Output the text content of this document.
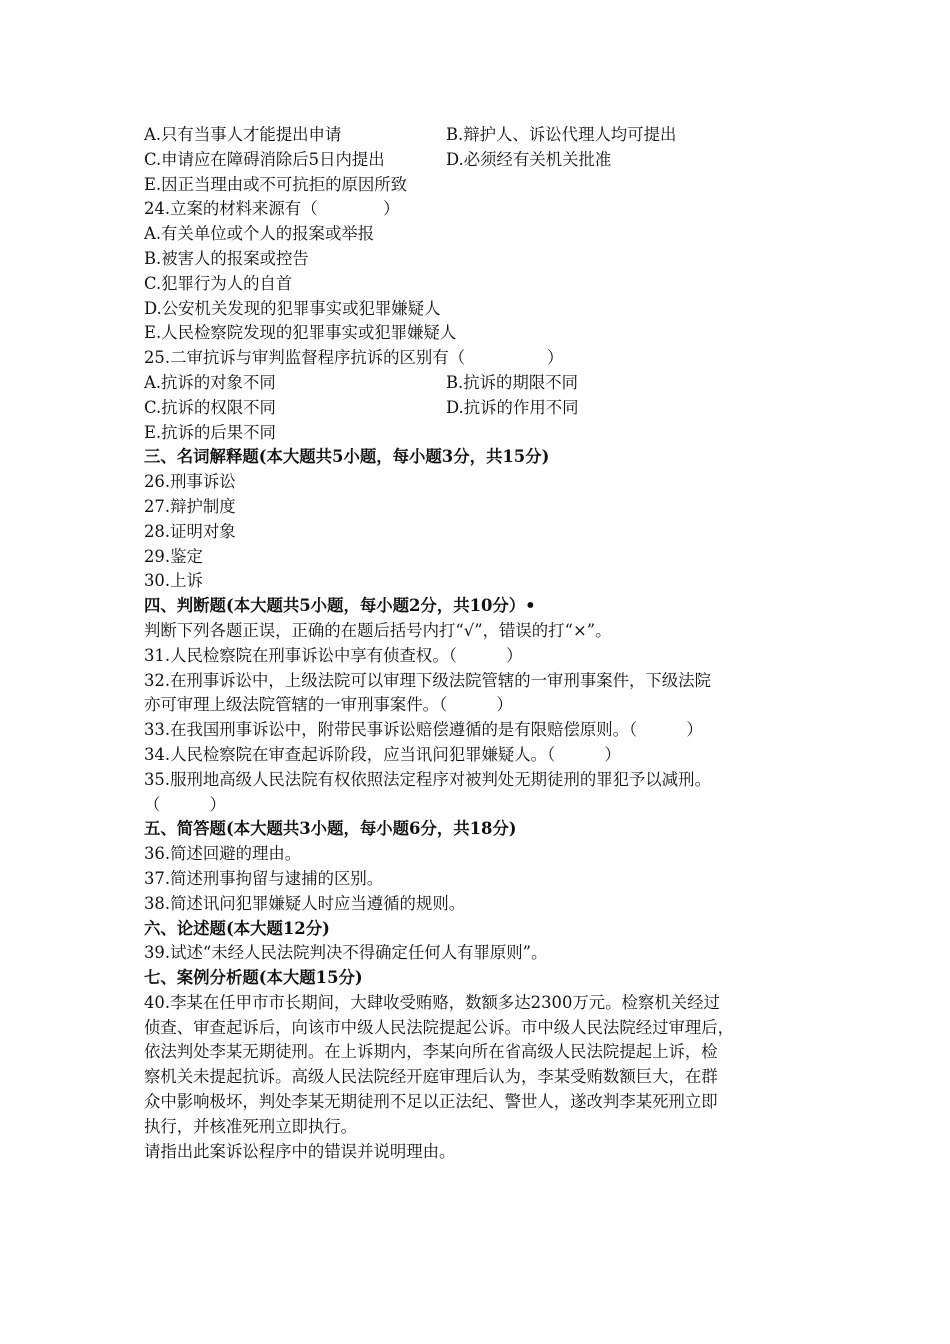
A.只有当事人才能提出申请	B.辩护人、诉讼代理人均可提出
C.申请应在障碍消除后5日内提出	D.必须经有关机关批准
E.因正当理由或不可抗拒的原因所致
24.立案的材料来源有（　　　　）
A.有关单位或个人的报案或举报
B.被害人的报案或控告
C.犯罪行为人的自首
D.公安机关发现的犯罪事实或犯罪嫌疑人
E.人民检察院发现的犯罪事实或犯罪嫌疑人
25.二审抗诉与审判监督程序抗诉的区别有（　　　　　）
A.抗诉的对象不同	B.抗诉的期限不同
C.抗诉的权限不同	D.抗诉的作用不同
E.抗诉的后果不同
三、名词解释题(本大题共5小题，每小题3分，共15分)
26.刑事诉讼
27.辩护制度
28.证明对象
29.鉴定
30.上诉
四、判断题(本大题共5小题，每小题2分，共10分）•
判断下列各题正误，正确的在题后括号内打“√”，错误的打“×”。
31.人民检察院在刑事诉讼中享有侦查权。（　　　）
32.在刑事诉讼中，上级法院可以审理下级法院管辖的一审刑事案件，下级法院
亦可审理上级法院管辖的一审刑事案件。（　　　）
33.在我国刑事诉讼中，附带民事诉讼赔偿遵循的是有限赔偿原则。（　　　）
34.人民检察院在审查起诉阶段，应当讯问犯罪嫌疑人。（　　　）
35.服刑地高级人民法院有权依照法定程序对被判处无期徒刑的罪犯予以减刑。
（　　　）
五、简答题(本大题共3小题，每小题6分，共18分)
36.简述回避的理由。
37.简述刑事拘留与逮捕的区别。
38.简述讯问犯罪嫌疑人时应当遵循的规则。
六、论述题(本大题12分)
39.试述“未经人民法院判决不得确定任何人有罪原则”。
七、案例分析题(本大题15分)
40.李某在任甲市市长期间，大肆收受贿赂，数额多达2300万元。检察机关经过
侦查、审查起诉后，向该市中级人民法院提起公诉。市中级人民法院经过审理后，
依法判处李某无期徒刑。在上诉期内，李某向所在省高级人民法院提起上诉，检
察机关未提起抗诉。高级人民法院经开庭审理后认为，李某受贿数额巨大，在群
众中影响极坏，判处李某无期徒刑不足以正法纪、警世人，遂改判李某死刑立即
执行，并核准死刑立即执行。
请指出此案诉讼程序中的错误并说明理由。
